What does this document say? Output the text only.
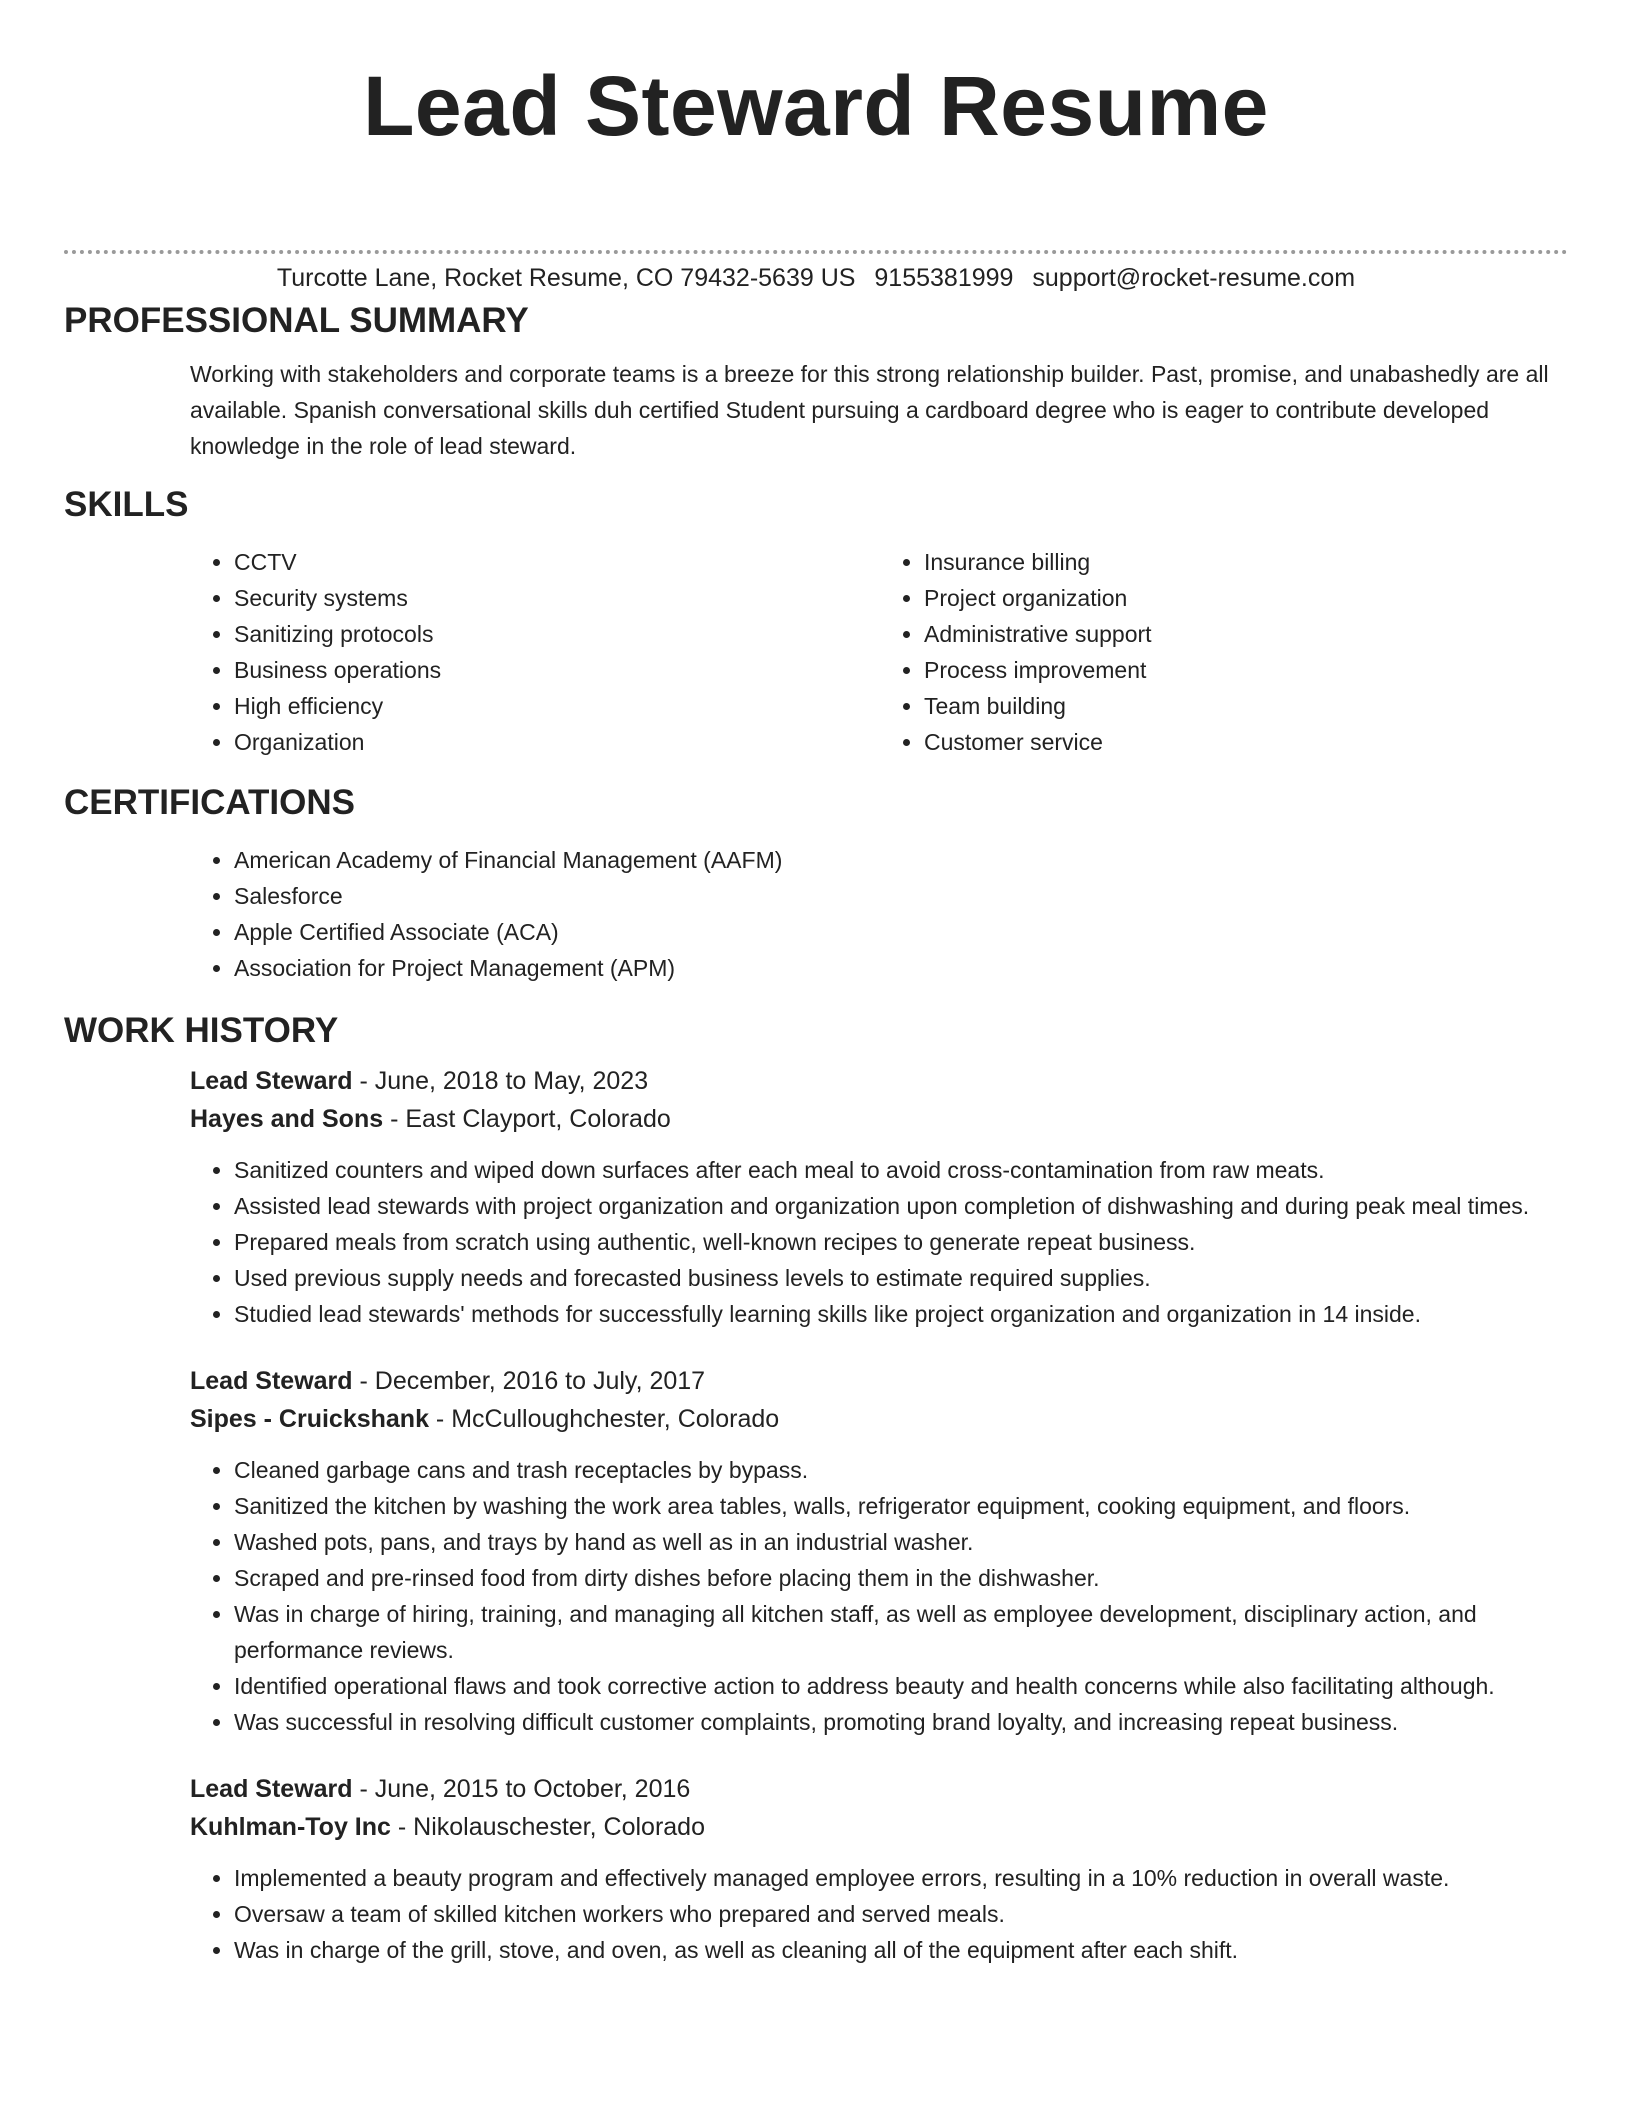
Lead Steward Resume
Turcotte Lane, Rocket Resume, CO 79432-5639 US 9155381999 support@rocket-resume.com
PROFESSIONAL SUMMARY

Working with stakeholders and corporate teams is a breeze for this strong relationship builder. Past, promise, and unabashedly are all available. Spanish conversational skills duh certified Student pursuing a cardboard degree who is eager to contribute developed knowledge in the role of lead steward.

SKILLS
• CCTV
• Security systems
• Sanitizing protocols
• Business operations
• High efficiency
• Organization
• Insurance billing
• Project organization
• Administrative support
• Process improvement
• Team building
• Customer service
CERTIFICATIONS
• American Academy of Financial Management (AAFM)
• Salesforce
• Apple Certified Associate (ACA)
• Association for Project Management (APM)
WORK HISTORY
Lead Steward - June, 2018 to May, 2023
Hayes and Sons - East Clayport, Colorado
• Sanitized counters and wiped down surfaces after each meal to avoid cross-contamination from raw meats.
• Assisted lead stewards with project organization and organization upon completion of dishwashing and during peak meal times.
• Prepared meals from scratch using authentic, well-known recipes to generate repeat business.
• Used previous supply needs and forecasted business levels to estimate required supplies.
• Studied lead stewards' methods for successfully learning skills like project organization and organization in 14 inside.
Lead Steward - December, 2016 to July, 2017
Sipes - Cruickshank - McCulloughchester, Colorado
• Cleaned garbage cans and trash receptacles by bypass.
• Sanitized the kitchen by washing the work area tables, walls, refrigerator equipment, cooking equipment, and floors.
• Washed pots, pans, and trays by hand as well as in an industrial washer.
• Scraped and pre-rinsed food from dirty dishes before placing them in the dishwasher.
• Was in charge of hiring, training, and managing all kitchen staff, as well as employee development, disciplinary action, and performance reviews.
• Identified operational flaws and took corrective action to address beauty and health concerns while also facilitating although.
• Was successful in resolving difficult customer complaints, promoting brand loyalty, and increasing repeat business.
Lead Steward - June, 2015 to October, 2016
Kuhlman-Toy Inc - Nikolauschester, Colorado
• Implemented a beauty program and effectively managed employee errors, resulting in a 10% reduction in overall waste.
• Oversaw a team of skilled kitchen workers who prepared and served meals.
• Was in charge of the grill, stove, and oven, as well as cleaning all of the equipment after each shift.
